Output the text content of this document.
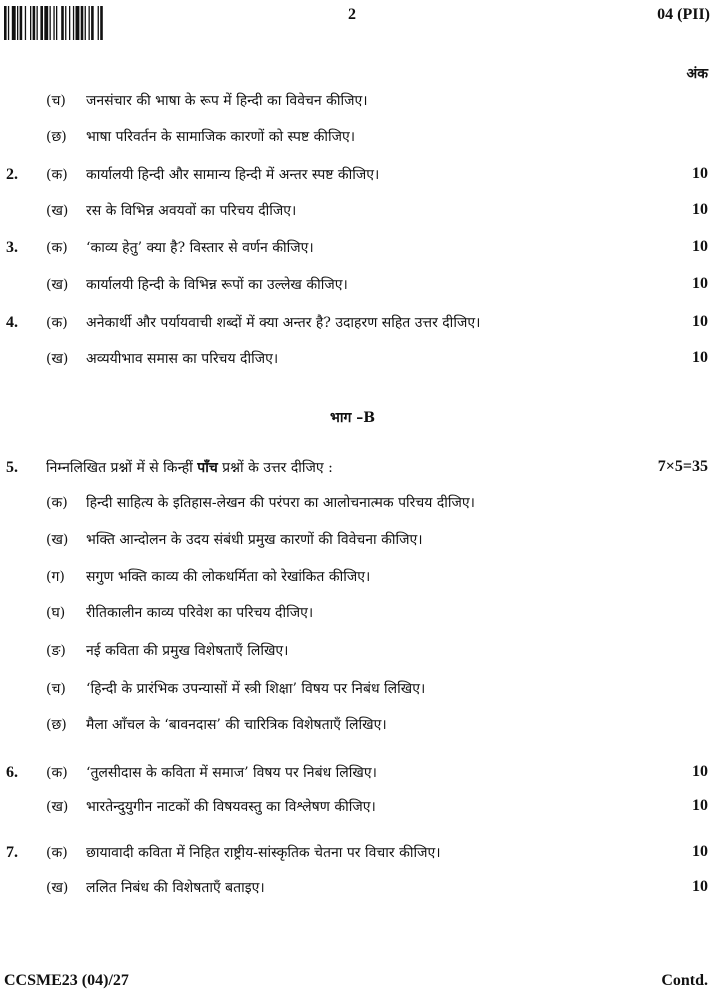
2	04 (PII)
अंक
(च) जनसंचार की भाषा के रूप में हिन्दी का विवेचन कीजिए।
(छ) भाषा परिवर्तन के सामाजिक कारणों को स्पष्ट कीजिए।
2. (क) कार्यालयी हिन्दी और सामान्य हिन्दी में अन्तर स्पष्ट कीजिए।	10
(ख) रस के विभिन्न अवयवों का परिचय दीजिए।	10
3. (क) ‘काव्य हेतु’ क्या है? विस्तार से वर्णन कीजिए।	10
(ख) कार्यालयी हिन्दी के विभिन्न रूपों का उल्लेख कीजिए।	10
4. (क) अनेकार्थी और पर्यायवाची शब्दों में क्या अन्तर है? उदाहरण सहित उत्तर दीजिए।	10
(ख) अव्ययीभाव समास का परिचय दीजिए।	10
भाग –B
5. निम्नलिखित प्रश्नों में से किन्हीं पाँच प्रश्नों के उत्तर दीजिए :	7×5=35
(क) हिन्दी साहित्य के इतिहास-लेखन की परंपरा का आलोचनात्मक परिचय दीजिए।
(ख) भक्ति आन्दोलन के उदय संबंधी प्रमुख कारणों की विवेचना कीजिए।
(ग) सगुण भक्ति काव्य की लोकधर्मिता को रेखांकित कीजिए।
(घ) रीतिकालीन काव्य परिवेश का परिचय दीजिए।
(ङ) नई कविता की प्रमुख विशेषताएँ लिखिए।
(च) ‘हिन्दी के प्रारंभिक उपन्यासों में स्त्री शिक्षा’ विषय पर निबंध लिखिए।
(छ) मैला आँचल के ‘बावनदास’ की चारित्रिक विशेषताएँ लिखिए।
6. (क) ‘तुलसीदास के कविता में समाज’ विषय पर निबंध लिखिए।	10
(ख) भारतेन्दुयुगीन नाटकों की विषयवस्तु का विश्लेषण कीजिए।	10
7. (क) छायावादी कविता में निहित राष्ट्रीय-सांस्कृतिक चेतना पर विचार कीजिए।	10
(ख) ललित निबंध की विशेषताएँ बताइए।	10
CCSME23 (04)/27	Contd.
